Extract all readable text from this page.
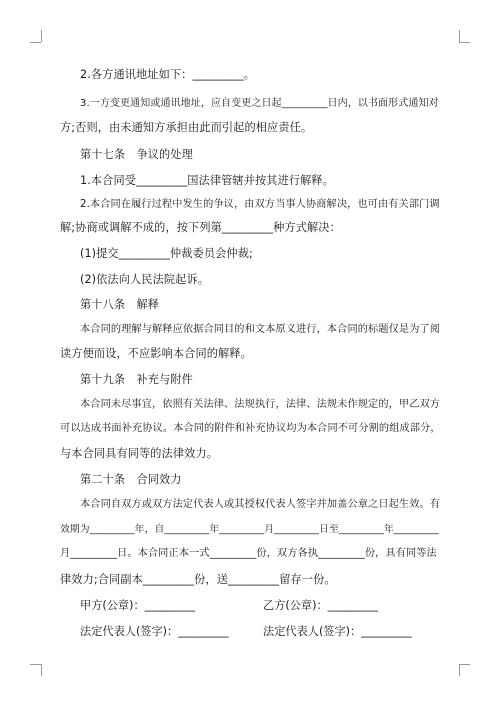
2.各方通讯地址如下：_________。
3.一方变更通知或通讯地址，应自变更之日起_________日内，以书面形式通知对
方;否则，由未通知方承担由此而引起的相应责任。
第十七条　争议的处理
1.本合同受_________国法律管辖并按其进行解释。
2.本合同在履行过程中发生的争议，由双方当事人协商解决，也可由有关部门调
解;协商或调解不成的，按下列第_________种方式解决：
(1)提交_________仲裁委员会仲裁;
(2)依法向人民法院起诉。
第十八条　解释
本合同的理解与解释应依据合同目的和文本原义进行，本合同的标题仅是为了阅
读方便而设，不应影响本合同的解释。
第十九条　补充与附件
本合同未尽事宜，依照有关法律、法规执行，法律、法规未作规定的，甲乙双方
可以达成书面补充协议。本合同的附件和补充协议均为本合同不可分割的组成部分，
与本合同具有同等的法律效力。
第二十条　合同效力
本合同自双方或双方法定代表人或其授权代表人签字并加盖公章之日起生效。有
效期为_________年，自_________年_________月_________日至_________年_________
月_________日。本合同正本一式_________份，双方各执_________份，具有同等法
律效力;合同副本_________份，送_________留存一份。
甲方(公章)：_________	乙方(公章)：_________
法定代表人(签字)：_________	法定代表人(签字)：_________
